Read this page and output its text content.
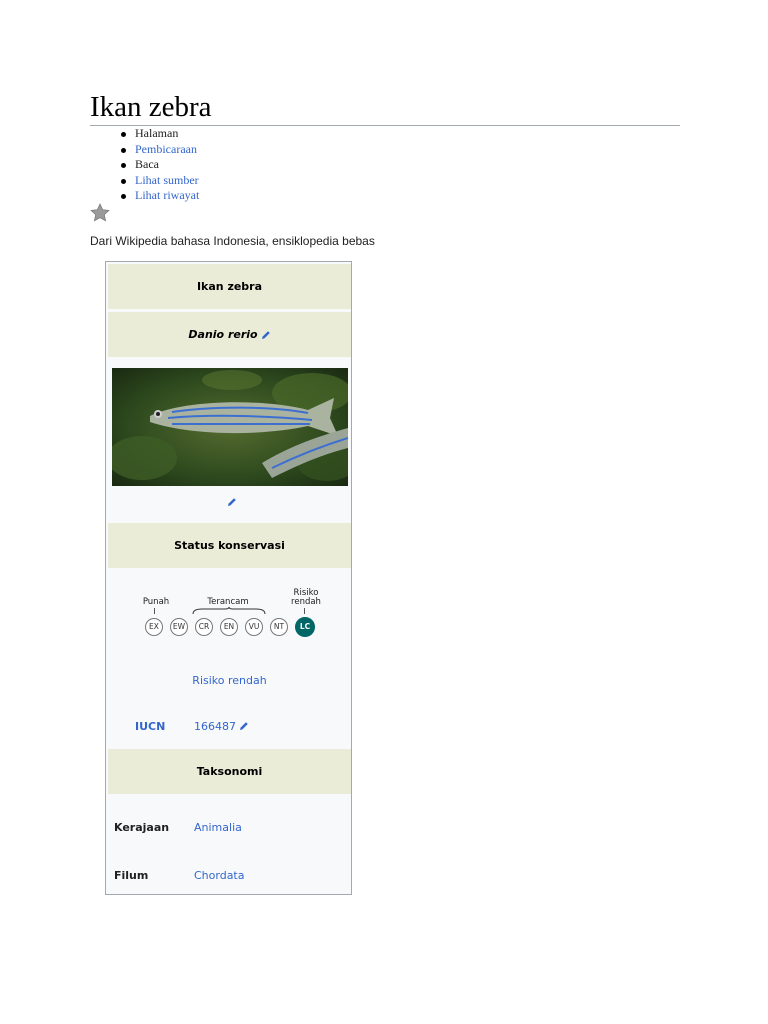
Ikan zebra
Halaman
Pembicaraan
Baca
Lihat sumber
Lihat riwayat
Dari Wikipedia bahasa Indonesia, ensiklopedia bebas
Ikan zebra
Danio rerio
Status konservasi
Punah	Terancam
Risiko rendah
EX	EW	CR	EN	VU	NT	LC
Risiko rendah
IUCN	166487
Taksonomi
Kerajaan Animalia
Filum	Chordata
